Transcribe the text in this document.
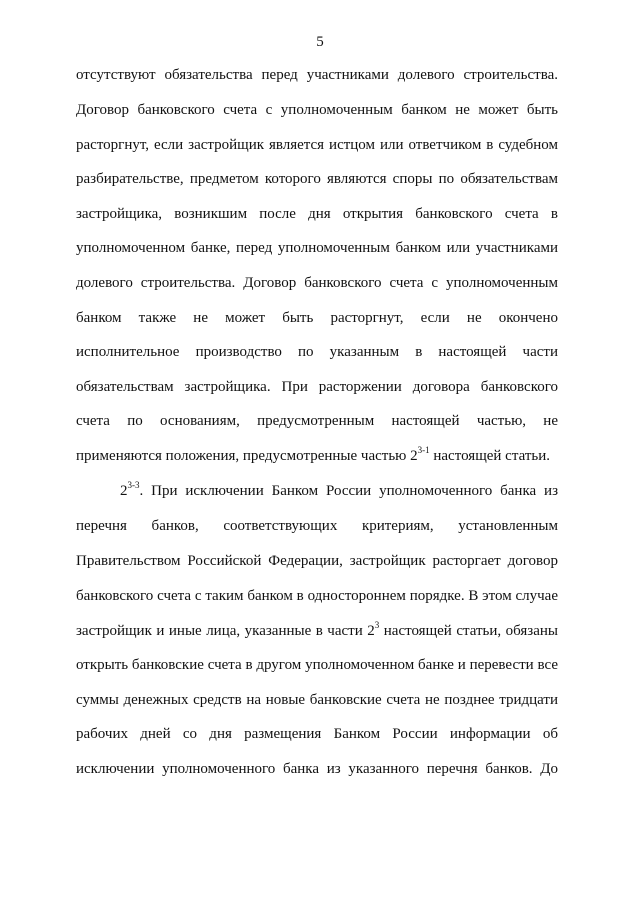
5
отсутствуют обязательства перед участниками долевого строительства.
Договор банковского счета с уполномоченным банком не может быть
расторгнут, если застройщик является истцом или ответчиком в судебном
разбирательстве, предметом которого являются споры по обязательствам
застройщика, возникшим после дня открытия банковского счета в
уполномоченном банке, перед уполномоченным банком или участниками
долевого строительства. Договор банковского счета с уполномоченным
банком также не может быть расторгнут, если не окончено
исполнительное производство по указанным в настоящей части
обязательствам застройщика. При расторжении договора банковского
счета по основаниям, предусмотренным настоящей частью, не
применяются положения, предусмотренные частью 2$^{3-1}$ настоящей статьи.
2$^{3-3}$. При исключении Банком России уполномоченного банка из
перечня банков, соответствующих критериям, установленным
Правительством Российской Федерации, застройщик расторгает договор
банковского счета с таким банком в одностороннем порядке. В этом случае
застройщик и иные лица, указанные в части $2^3$ настоящей статьи, обязаны
открыть банковские счета в другом уполномоченном банке и перевести все
суммы денежных средств на новые банковские счета не позднее тридцати
рабочих дней со дня размещения Банком России информации об
исключении уполномоченного банка из указанного перечня банков. До
